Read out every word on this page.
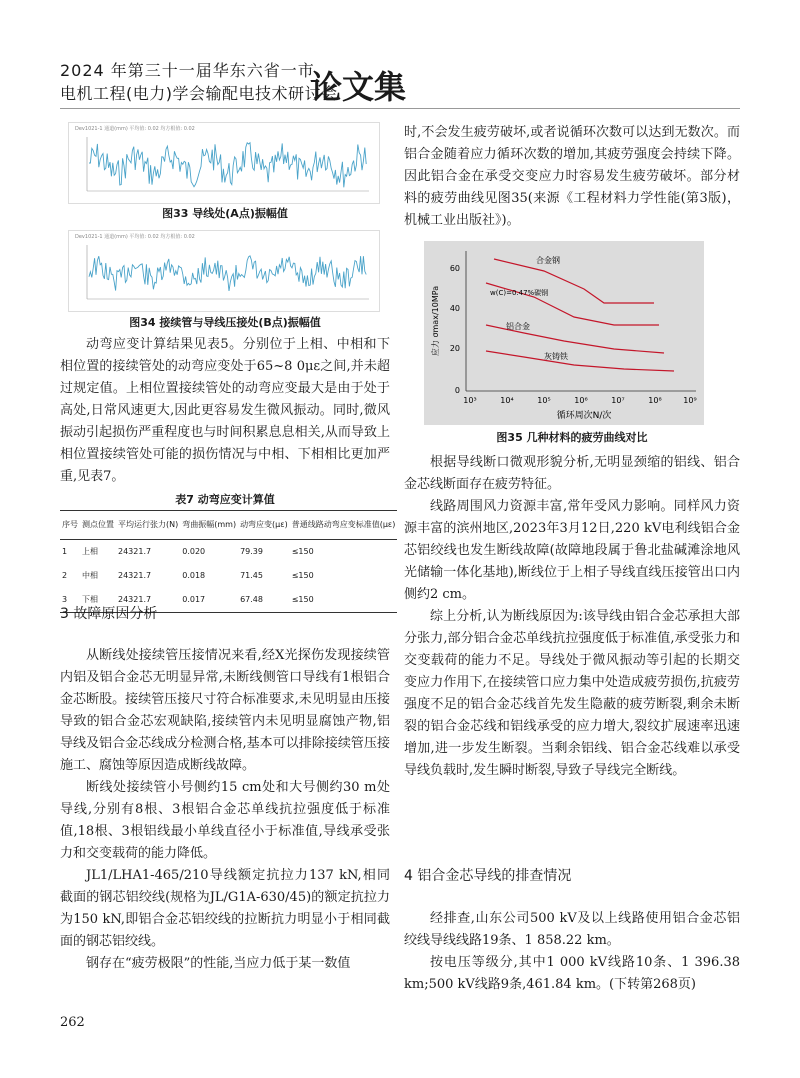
2024 年第三十一届华东六省一市
电机工程(电力)学会输配电技术研讨会
论文集
Dev1021-1 通道(mm) 平均值: 0.02 均方根值: 0.02
图33 导线处(A点)振幅值
Dev1021-1 通道(mm) 平均值: 0.02 均方根值: 0.02
图34 接续管与导线压接处(B点)振幅值

动弯应变计算结果见表5。分别位于上相、中相和下相位置的接续管处的动弯应变处于65~8 0με之间,并未超过规定值。上相位置接续管处的动弯应变最大是由于处于高处,日常风速更大,因此更容易发生微风振动。同时,微风振动引起损伤严重程度也与时间积累息息相关,从而导致上相位置接续管处可能的损伤情况与中相、下相相比更加严重,见表7。

表7 动弯应变计算值
序号	测点位置	平均运行张力(N)	弯曲振幅(mm)	动弯应变(με)	普通线路动弯应变标准值(με)
1	上相	24321.7	0.020	79.39	≤150
2	中相	24321.7	0.018	71.45	≤150
3	下相	24321.7	0.017	67.48	≤150
3 故障原因分析

从断线处接续管压接情况来看,经X光探伤发现接续管内铝及铝合金芯无明显异常,未断线侧管口导线有1根铝合金芯断股。接续管压接尺寸符合标准要求,未见明显由压接导致的铝合金芯宏观缺陷,接续管内未见明显腐蚀产物,铝导线及铝合金芯线成分检测合格,基本可以排除接续管压接施工、腐蚀等原因造成断线故障。

断线处接续管小号侧约15 cm处和大号侧约30 m处导线,分别有8根、3根铝合金芯单线抗拉强度低于标准值,18根、3根铝线最小单线直径小于标准值,导线承受张力和交变载荷的能力降低。

JL1/LHA1-465/210导线额定抗拉力137 kN,相同截面的钢芯铝绞线(规格为JL/G1A-630/45)的额定抗拉力为150 kN,即铝合金芯铝绞线的拉断抗力明显小于相同截面的钢芯铝绞线。

钢存在“疲劳极限”的性能,当应力低于某一数值

时,不会发生疲劳破坏,或者说循环次数可以达到无数次。而铝合金随着应力循环次数的增加,其疲劳强度会持续下降。因此铝合金在承受交变应力时容易发生疲劳破坏。部分材料的疲劳曲线见图35(来源《工程材料力学性能(第3版)，机械工业出版社》)。

60
40
20
0
10³	10⁴	10⁵	10⁶	10⁷	10⁸	10⁹
循环周次N/次
应力 σmax/10MPa
合金钢
w(C)=0.47%碳钢
铝合金
灰铸铁
图35 几种材料的疲劳曲线对比

根据导线断口微观形貌分析,无明显颈缩的铝线、铝合金芯线断面存在疲劳特征。

线路周围风力资源丰富,常年受风力影响。同样风力资源丰富的滨州地区,2023年3月12日,220 kV电利线铝合金芯铝绞线也发生断线故障(故障地段属于鲁北盐碱滩涂地风光储输一体化基地),断线位于上相子导线直线压接管出口内侧约2 cm。

综上分析,认为断线原因为:该导线由铝合金芯承担大部分张力,部分铝合金芯单线抗拉强度低于标准值,承受张力和交变载荷的能力不足。导线处于微风振动等引起的长期交变应力作用下,在接续管口应力集中处造成疲劳损伤,抗疲劳强度不足的铝合金芯线首先发生隐蔽的疲劳断裂,剩余未断裂的铝合金芯线和铝线承受的应力增大,裂纹扩展速率迅速增加,进一步发生断裂。当剩余铝线、铝合金芯线难以承受导线负载时,发生瞬时断裂,导致子导线完全断线。

4 铝合金芯导线的排查情况

经排查,山东公司500 kV及以上线路使用铝合金芯铝绞线导线线路19条、1 858.22 km。

按电压等级分,其中1 000 kV线路10条、1 396.38 km;500 kV线路9条,461.84 km。(下转第268页)

262
